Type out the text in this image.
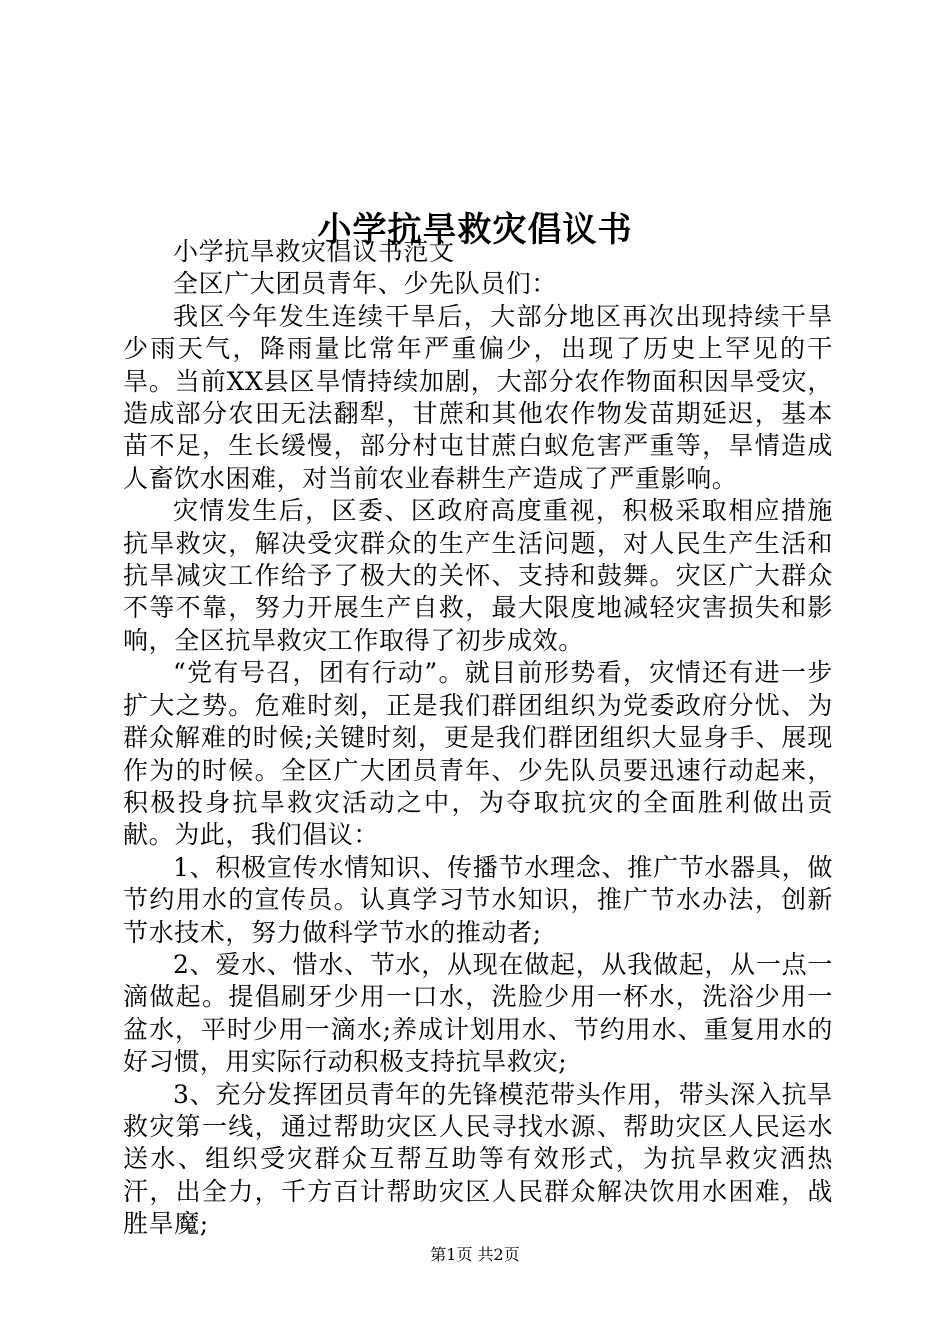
小学抗旱救灾倡议书

小学抗旱救灾倡议书范文

全区广大团员青年、少先队员们：

我区今年发生连续干旱后，大部分地区再次出现持续干旱少雨天气，降雨量比常年严重偏少，出现了历史上罕见的干旱。当前XX县区旱情持续加剧，大部分农作物面积因旱受灾，造成部分农田无法翻犁，甘蔗和其他农作物发苗期延迟，基本苗不足，生长缓慢，部分村屯甘蔗白蚁危害严重等，旱情造成人畜饮水困难，对当前农业春耕生产造成了严重影响。

灾情发生后，区委、区政府高度重视，积极采取相应措施抗旱救灾，解决受灾群众的生产生活问题，对人民生产生活和抗旱减灾工作给予了极大的关怀、支持和鼓舞。灾区广大群众不等不靠，努力开展生产自救，最大限度地减轻灾害损失和影响，全区抗旱救灾工作取得了初步成效。

“党有号召，团有行动”。就目前形势看，灾情还有进一步扩大之势。危难时刻，正是我们群团组织为党委政府分忧、为群众解难的时候;关键时刻，更是我们群团组织大显身手、展现作为的时候。全区广大团员青年、少先队员要迅速行动起来，积极投身抗旱救灾活动之中，为夺取抗灾的全面胜利做出贡献。为此，我们倡议：

1、积极宣传水情知识、传播节水理念、推广节水器具，做节约用水的宣传员。认真学习节水知识，推广节水办法，创新节水技术，努力做科学节水的推动者;

2、爱水、惜水、节水，从现在做起，从我做起，从一点一滴做起。提倡刷牙少用一口水，洗脸少用一杯水，洗浴少用一盆水，平时少用一滴水;养成计划用水、节约用水、重复用水的好习惯，用实际行动积极支持抗旱救灾;

3、充分发挥团员青年的先锋模范带头作用，带头深入抗旱救灾第一线，通过帮助灾区人民寻找水源、帮助灾区人民运水送水、组织受灾群众互帮互助等有效形式，为抗旱救灾洒热汗，出全力，千方百计帮助灾区人民群众解决饮用水困难，战胜旱魔;

第1页 共2页
